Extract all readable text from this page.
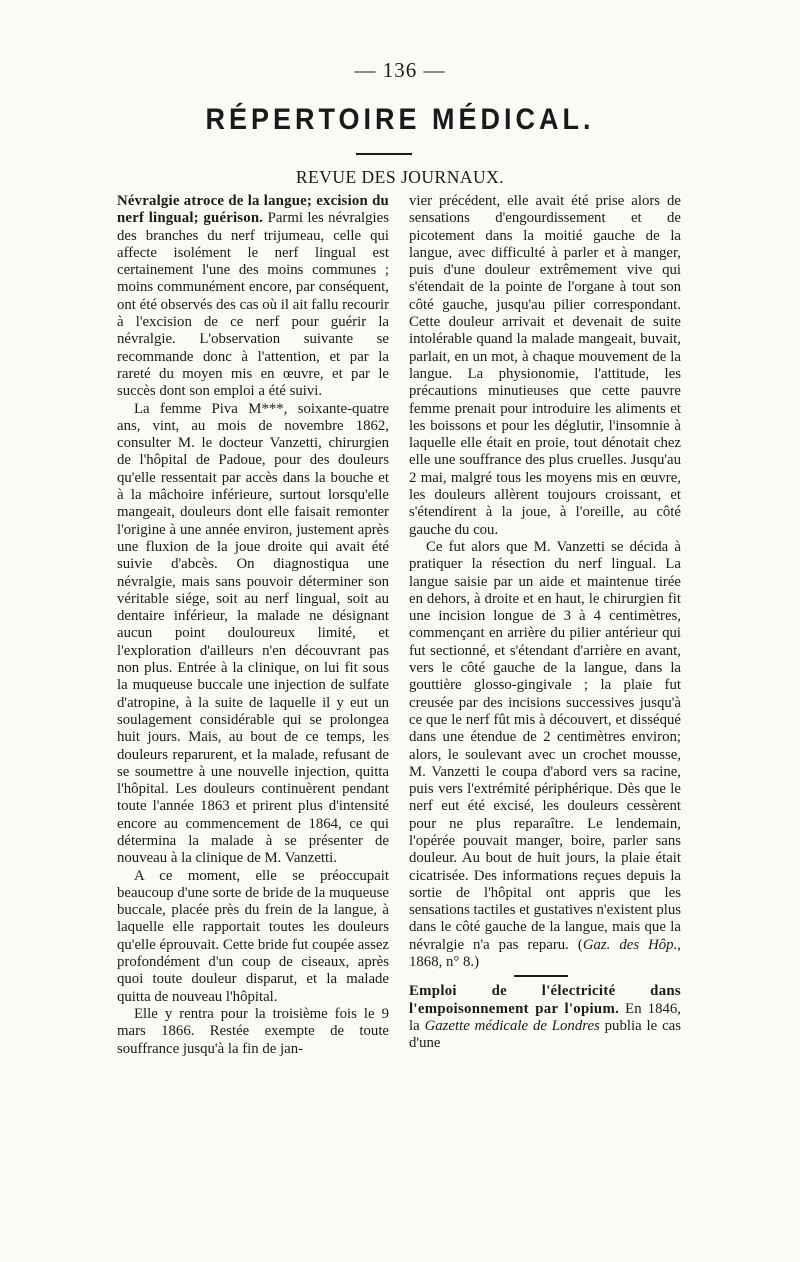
— 136 —
RÉPERTOIRE MÉDICAL.
REVUE DES JOURNAUX.

Névralgie atroce de la langue; excision du nerf lingual; guérison. Parmi les névralgies des branches du nerf trijumeau, celle qui affecte isolément le nerf lingual est certainement l'une des moins communes ; moins communément encore, par conséquent, ont été observés des cas où il ait fallu recourir à l'excision de ce nerf pour guérir la névralgie. L'observation suivante se recommande donc à l'attention, et par la rareté du moyen mis en œuvre, et par le succès dont son emploi a été suivi.

La femme Piva M***, soixante-quatre ans, vint, au mois de novembre 1862, consulter M. le docteur Vanzetti, chirurgien de l'hôpital de Padoue, pour des douleurs qu'elle ressentait par accès dans la bouche et à la mâchoire inférieure, surtout lorsqu'elle mangeait, douleurs dont elle faisait remonter l'origine à une année environ, justement après une fluxion de la joue droite qui avait été suivie d'abcès. On diagnostiqua une névralgie, mais sans pouvoir déterminer son véritable siége, soit au nerf lingual, soit au dentaire inférieur, la malade ne désignant aucun point douloureux limité, et l'exploration d'ailleurs n'en découvrant pas non plus. Entrée à la clinique, on lui fit sous la muqueuse buccale une injection de sulfate d'atropine, à la suite de laquelle il y eut un soulagement considérable qui se prolongea huit jours. Mais, au bout de ce temps, les douleurs reparurent, et la malade, refusant de se soumettre à une nouvelle injection, quitta l'hôpital. Les douleurs continuèrent pendant toute l'année 1863 et prirent plus d'intensité encore au commencement de 1864, ce qui détermina la malade à se présenter de nouveau à la clinique de M. Vanzetti.

A ce moment, elle se préoccupait beaucoup d'une sorte de bride de la muqueuse buccale, placée près du frein de la langue, à laquelle elle rapportait toutes les douleurs qu'elle éprouvait. Cette bride fut coupée assez profondément d'un coup de ciseaux, après quoi toute douleur disparut, et la malade quitta de nouveau l'hôpital.

Elle y rentra pour la troisième fois le 9 mars 1866. Restée exempte de toute souffrance jusqu'à la fin de jan-

vier précédent, elle avait été prise alors de sensations d'engourdissement et de picotement dans la moitié gauche de la langue, avec difficulté à parler et à manger, puis d'une douleur extrêmement vive qui s'étendait de la pointe de l'organe à tout son côté gauche, jusqu'au pilier correspondant. Cette douleur arrivait et devenait de suite intolérable quand la malade mangeait, buvait, parlait, en un mot, à chaque mouvement de la langue. La physionomie, l'attitude, les précautions minutieuses que cette pauvre femme prenait pour introduire les aliments et les boissons et pour les déglutir, l'insomnie à laquelle elle était en proie, tout dénotait chez elle une souffrance des plus cruelles. Jusqu'au 2 mai, malgré tous les moyens mis en œuvre, les douleurs allèrent toujours croissant, et s'étendirent à la joue, à l'oreille, au côté gauche du cou.

Ce fut alors que M. Vanzetti se décida à pratiquer la résection du nerf lingual. La langue saisie par un aide et maintenue tirée en dehors, à droite et en haut, le chirurgien fit une incision longue de 3 à 4 centimètres, commençant en arrière du pilier antérieur qui fut sectionné, et s'étendant d'arrière en avant, vers le côté gauche de la langue, dans la gouttière glosso-gingivale ; la plaie fut creusée par des incisions successives jusqu'à ce que le nerf fût mis à découvert, et disséqué dans une étendue de 2 centimètres environ; alors, le soulevant avec un crochet mousse, M. Vanzetti le coupa d'abord vers sa racine, puis vers l'extrémité périphérique. Dès que le nerf eut été excisé, les douleurs cessèrent pour ne plus reparaître. Le lendemain, l'opérée pouvait manger, boire, parler sans douleur. Au bout de huit jours, la plaie était cicatrisée. Des informations reçues depuis la sortie de l'hôpital ont appris que les sensations tactiles et gustatives n'existent plus dans le côté gauche de la langue, mais que la névralgie n'a pas reparu. (Gaz. des Hôp., 1868, n° 8.)

Emploi de l'électricité dans l'empoisonnement par l'opium. En 1846, la Gazette médicale de Londres publia le cas d'une
